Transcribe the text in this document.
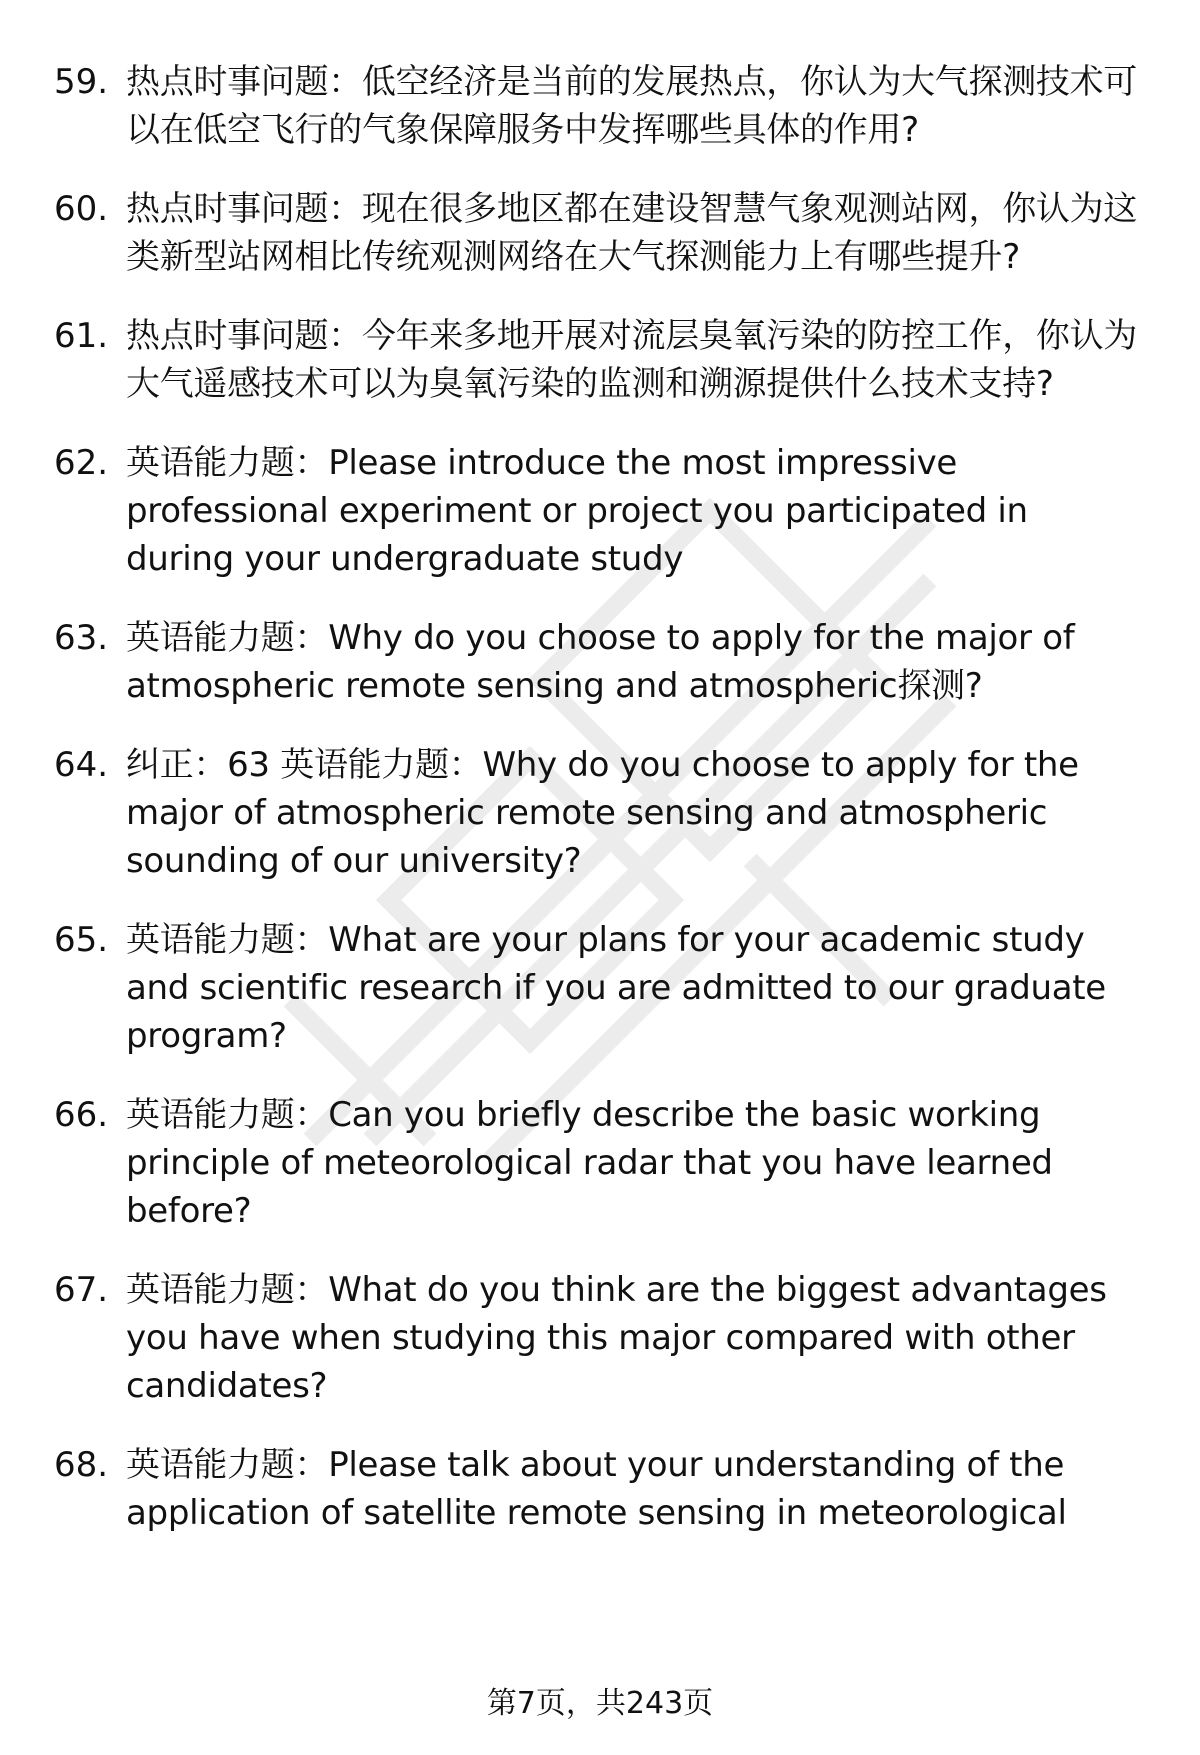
59. 热点时事问题：低空经济是当前的发展热点，你认为大气探测技术可以在低空飞行的气象保障服务中发挥哪些具体的作用?
60. 热点时事问题：现在很多地区都在建设智慧气象观测站网，你认为这类新型站网相比传统观测网络在大气探测能力上有哪些提升?
61. 热点时事问题：今年来多地开展对流层臭氧污染的防控工作，你认为大气遥感技术可以为臭氧污染的监测和溯源提供什么技术支持?
62. 英语能力题：Please introduce the most impressive professional experiment or project you participated in during your undergraduate study
63. 英语能力题：Why do you choose to apply for the major of atmospheric remote sensing and atmospheric探测?
64. 纠正：63 英语能力题：Why do you choose to apply for the major of atmospheric remote sensing and atmospheric sounding of our university?
65. 英语能力题：What are your plans for your academic study and scientific research if you are admitted to our graduate program?
66. 英语能力题：Can you briefly describe the basic working principle of meteorological radar that you have learned before?
67. 英语能力题：What do you think are the biggest advantages you have when studying this major compared with other candidates?
68. 英语能力题：Please talk about your understanding of the application of satellite remote sensing in meteorological
第7页，共243页
